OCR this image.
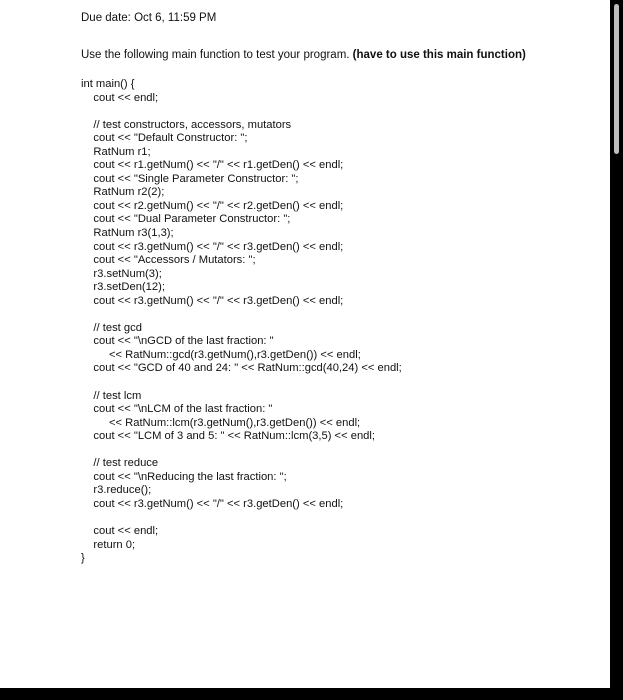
Due date: Oct 6, 11:59 PM
Use the following main function to test your program. (have to use this main function)
int main() {
cout << endl;
// test constructors, accessors, mutators
cout << "Default Constructor: ";
RatNum r1;
cout << r1.getNum() << "/" << r1.getDen() << endl;
cout << "Single Parameter Constructor: ";
RatNum r2(2);
cout << r2.getNum() << "/" << r2.getDen() << endl;
cout << "Dual Parameter Constructor: ";
RatNum r3(1,3);
cout << r3.getNum() << "/" << r3.getDen() << endl;
cout << "Accessors / Mutators: ";
r3.setNum(3);
r3.setDen(12);
cout << r3.getNum() << "/" << r3.getDen() << endl;
// test gcd
cout << "\nGCD of the last fraction: "
<< RatNum::gcd(r3.getNum(),r3.getDen()) << endl;
cout << "GCD of 40 and 24: " << RatNum::gcd(40,24) << endl;
// test lcm
cout << "\nLCM of the last fraction: "
<< RatNum::lcm(r3.getNum(),r3.getDen()) << endl;
cout << "LCM of 3 and 5: " << RatNum::lcm(3,5) << endl;
// test reduce
cout << "\nReducing the last fraction: ";
r3.reduce();
cout << r3.getNum() << "/" << r3.getDen() << endl;
cout << endl;
return 0;
}
